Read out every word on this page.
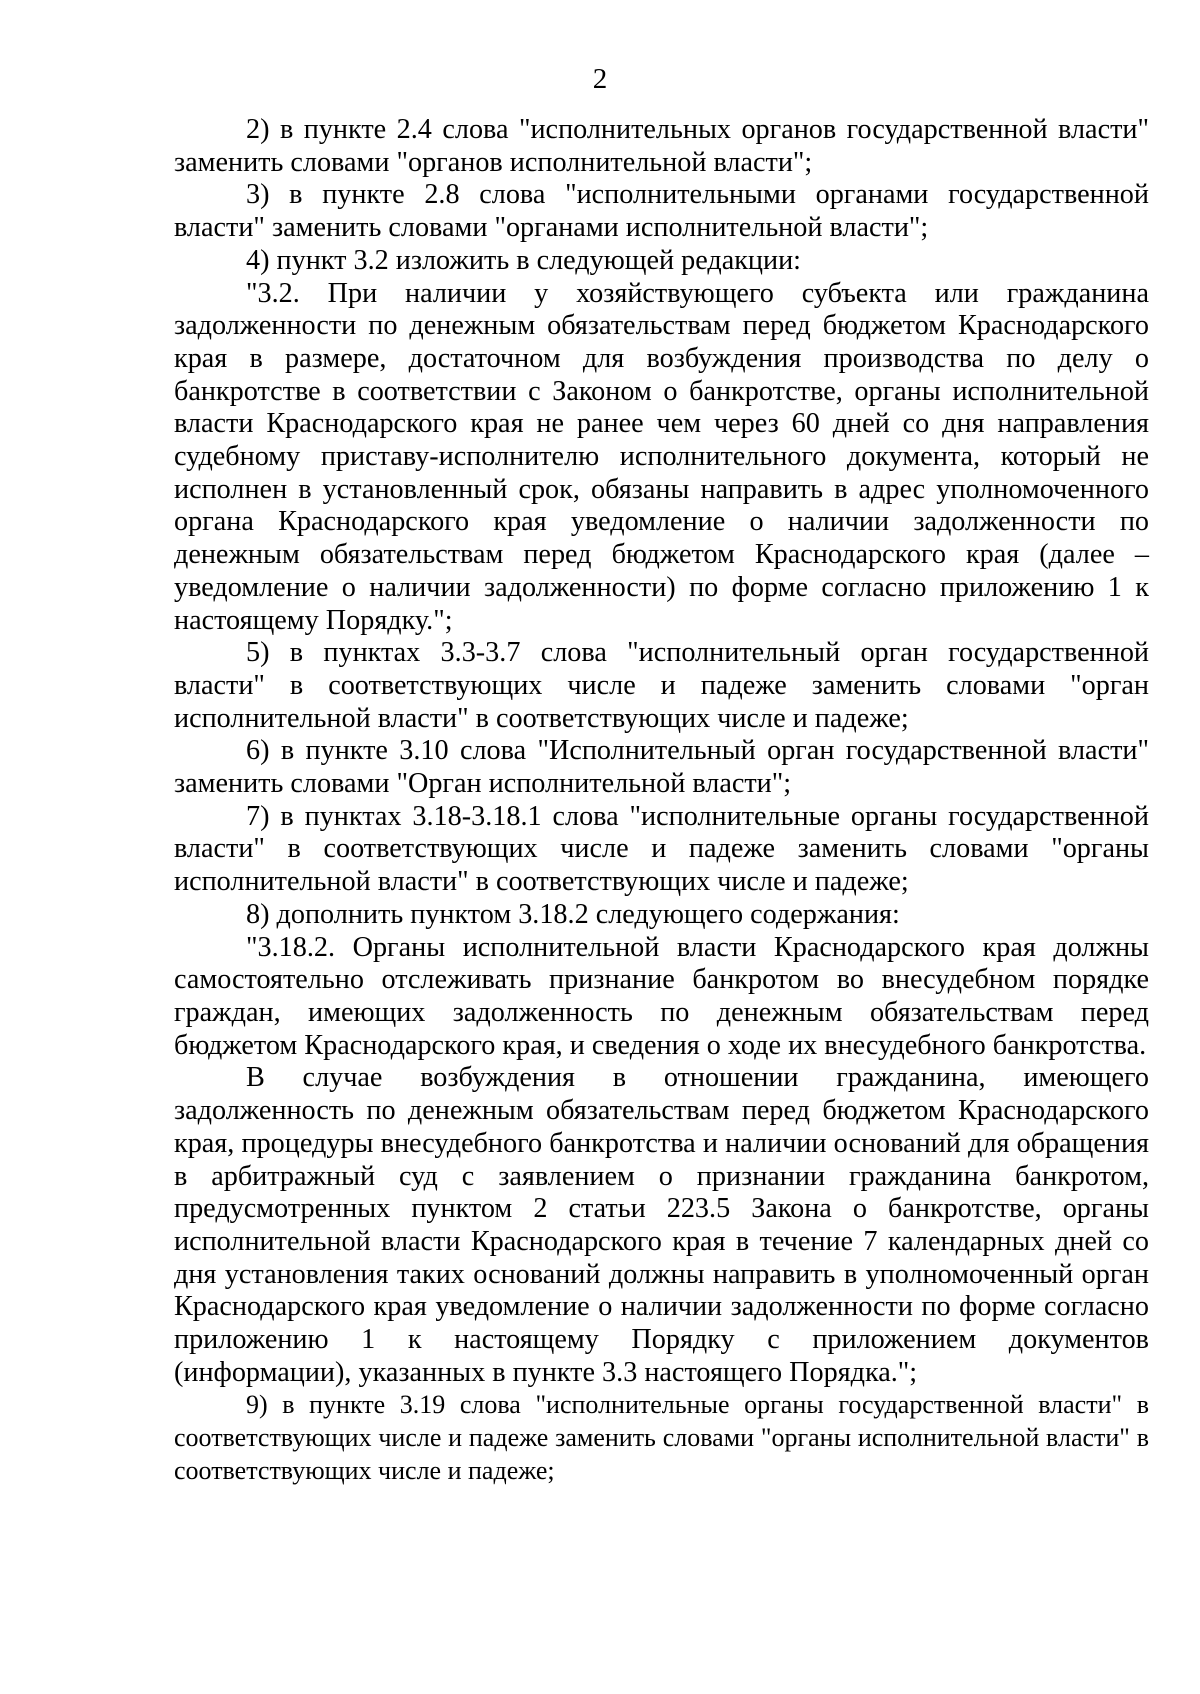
2

2) в пункте 2.4 слова "исполнительных органов государственной власти" заменить словами "органов исполнительной власти";

3) в пункте 2.8 слова "исполнительными органами государственной власти" заменить словами "органами исполнительной власти";

4) пункт 3.2 изложить в следующей редакции:

"3.2. При наличии у хозяйствующего субъекта или гражданина задолженности по денежным обязательствам перед бюджетом Краснодарского края в размере, достаточном для возбуждения производства по делу о банкротстве в соответствии с Законом о банкротстве, органы исполнительной власти Краснодарского края не ранее чем через 60 дней со дня направления судебному приставу-исполнителю исполнительного документа, который не исполнен в установленный срок, обязаны направить в адрес уполномоченного органа Краснодарского края уведомление о наличии задолженности по денежным обязательствам перед бюджетом Краснодарского края (далее – уведомление о наличии задолженности) по форме согласно приложению 1 к настоящему Порядку.";

5) в пунктах 3.3-3.7 слова "исполнительный орган государственной власти" в соответствующих числе и падеже заменить словами "орган исполнительной власти" в соответствующих числе и падеже;

6) в пункте 3.10 слова "Исполнительный орган государственной власти" заменить словами "Орган исполнительной власти";

7) в пунктах 3.18-3.18.1 слова "исполнительные органы государственной власти" в соответствующих числе и падеже заменить словами "органы исполнительной власти" в соответствующих числе и падеже;

8) дополнить пунктом 3.18.2 следующего содержания:

"3.18.2. Органы исполнительной власти Краснодарского края должны самостоятельно отслеживать признание банкротом во внесудебном порядке граждан, имеющих задолженность по денежным обязательствам перед бюджетом Краснодарского края, и сведения о ходе их внесудебного банкротства.

В случае возбуждения в отношении гражданина, имеющего задолженность по денежным обязательствам перед бюджетом Краснодарского края, процедуры внесудебного банкротства и наличии оснований для обращения в арбитражный суд с заявлением о признании гражданина банкротом, предусмотренных пунктом 2 статьи 223.5 Закона о банкротстве, органы исполнительной власти Краснодарского края в течение 7 календарных дней со дня установления таких оснований должны направить в уполномоченный орган Краснодарского края уведомление о наличии задолженности по форме согласно приложению 1 к настоящему Порядку с приложением документов (информации), указанных в пункте 3.3 настоящего Порядка.";

9) в пункте 3.19 слова "исполнительные органы государственной власти" в соответствующих числе и падеже заменить словами "органы исполнительной власти" в соответствующих числе и падеже;
